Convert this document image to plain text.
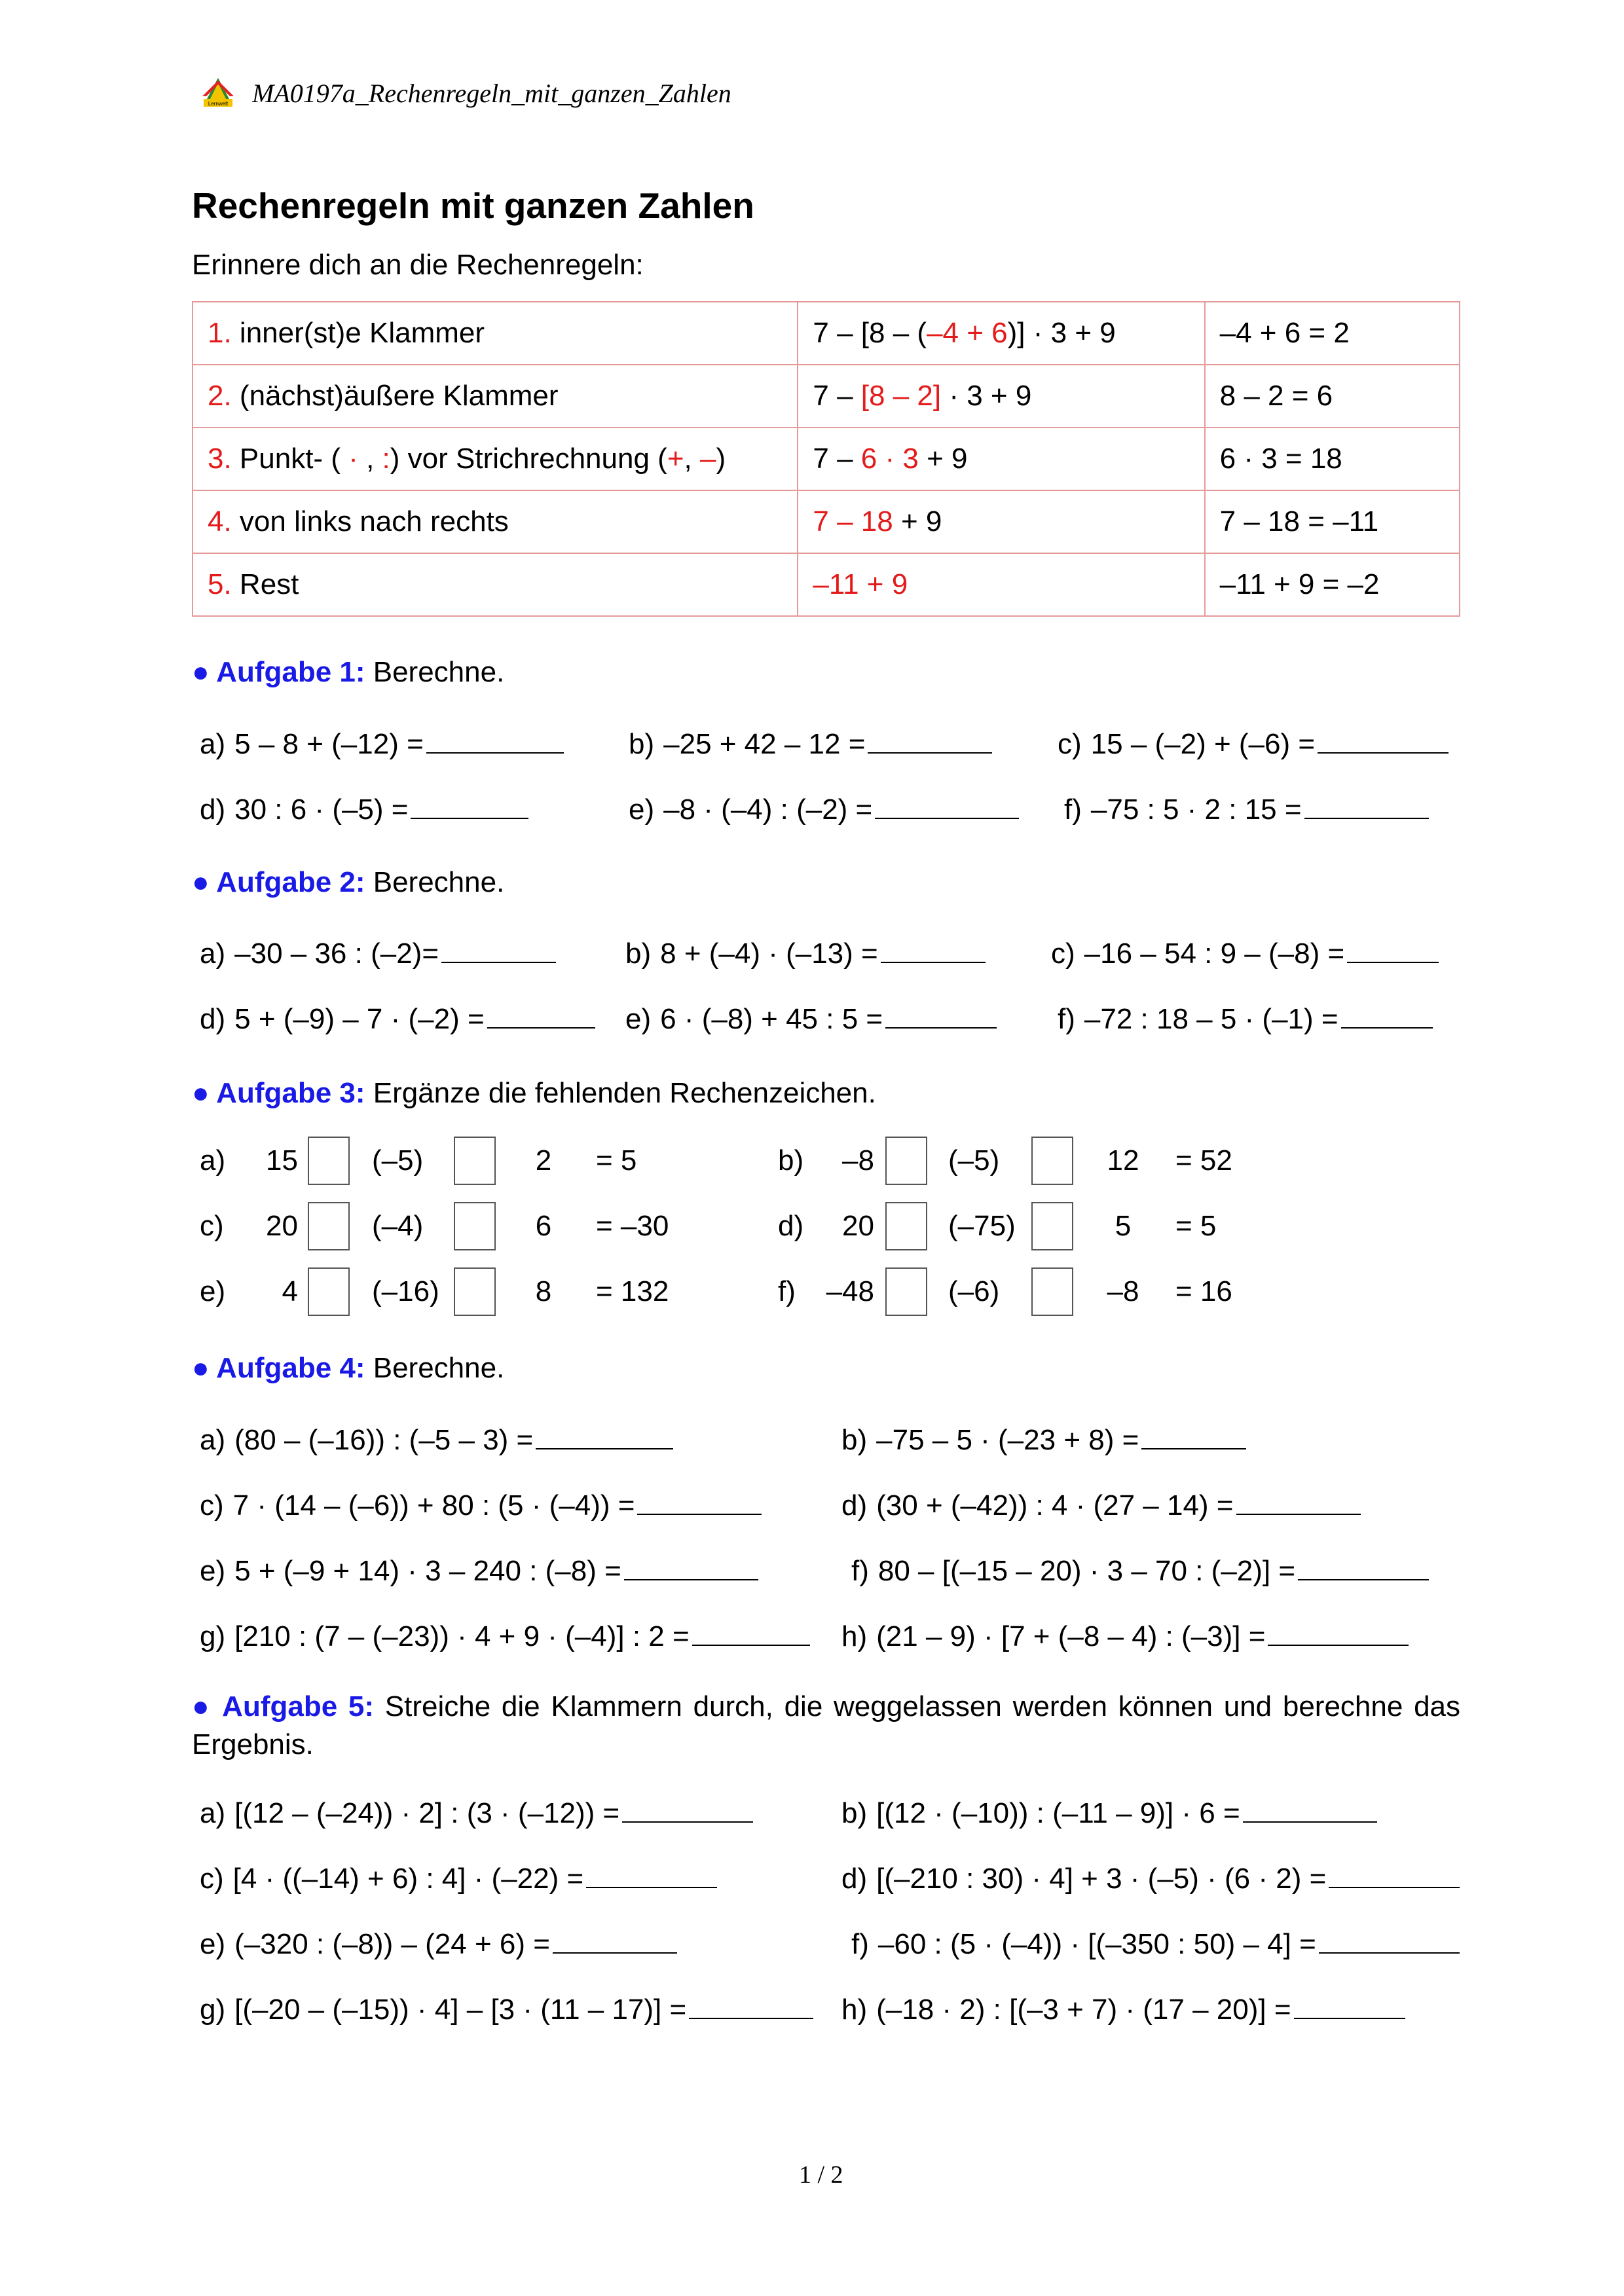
Lernwelt MA0197a_Rechenregeln_mit_ganzen_Zahlen
Rechenregeln mit ganzen Zahlen
Erinnere dich an die Rechenregeln:
1. inner(st)e Klammer	7 – [8 – (–4 + 6)] · 3 + 9	–4 + 6 = 2
2. (nächst)äußere Klammer	7 – [8 – 2] · 3 + 9	8 – 2 = 6
3. Punkt- ( · , :) vor Strichrechnung (+, –)	7 – 6 · 3 + 9	6 · 3 = 18
4. von links nach rechts	7 – 18 + 9	7 – 18 = –11
5. Rest	–11 + 9	–11 + 9 = –2
● Aufgabe 1: Berechne.
a) 5 – 8 + (–12) =	b) –25 + 42 – 12 =	c) 15 – (–2) + (–6) =
d) 30 : 6 · (–5) =	e) –8 · (–4) : (–2) =	f) –75 : 5 · 2 : 15 =
● Aufgabe 2: Berechne.
a) –30 – 36 : (–2)=	b) 8 + (–4) · (–13) =	c) –16 – 54 : 9 – (–8) =
d) 5 + (–9) – 7 · (–2) =	e) 6 · (–8) + 45 : 5 =	f) –72 : 18 – 5 · (–1) =
● Aufgabe 3: Ergänze die fehlenden Rechenzeichen.
a) 15	(–5)	2	= 5	b) –8	(–5)	12	= 52
c) 20	(–4)	6	= –30	d) 20	(–75)	5	= 5
e) 4	(–16)	8	= 132	f) –48	(–6)	–8	= 16
● Aufgabe 4: Berechne.
a) (80 – (–16)) : (–5 – 3) =	b) –75 – 5 · (–23 + 8) =
c) 7 · (14 – (–6)) + 80 : (5 · (–4)) =	d) (30 + (–42)) : 4 · (27 – 14) =
e) 5 + (–9 + 14) · 3 – 240 : (–8) =	f) 80 – [(–15 – 20) · 3 – 70 : (–2)] =
g) [210 : (7 – (–23)) · 4 + 9 · (–4)] : 2 =	h) (21 – 9) · [7 + (–8 – 4) : (–3)] =
● Aufgabe 5: Streiche die Klammern durch, die weggelassen werden können und berechne das Ergebnis.
a) [(12 – (–24)) · 2] : (3 · (–12)) =	b) [(12 · (–10)) : (–11 – 9)] · 6 =
c) [4 · ((–14) + 6) : 4] · (–22) =	d) [(–210 : 30) · 4] + 3 · (–5) · (6 · 2) =
e) (–320 : (–8)) – (24 + 6) =	f) –60 : (5 · (–4)) · [(–350 : 50) – 4] =
g) [(–20 – (–15)) · 4] – [3 · (11 – 17)] =	h) (–18 · 2) : [(–3 + 7) · (17 – 20)] =
1 / 2
